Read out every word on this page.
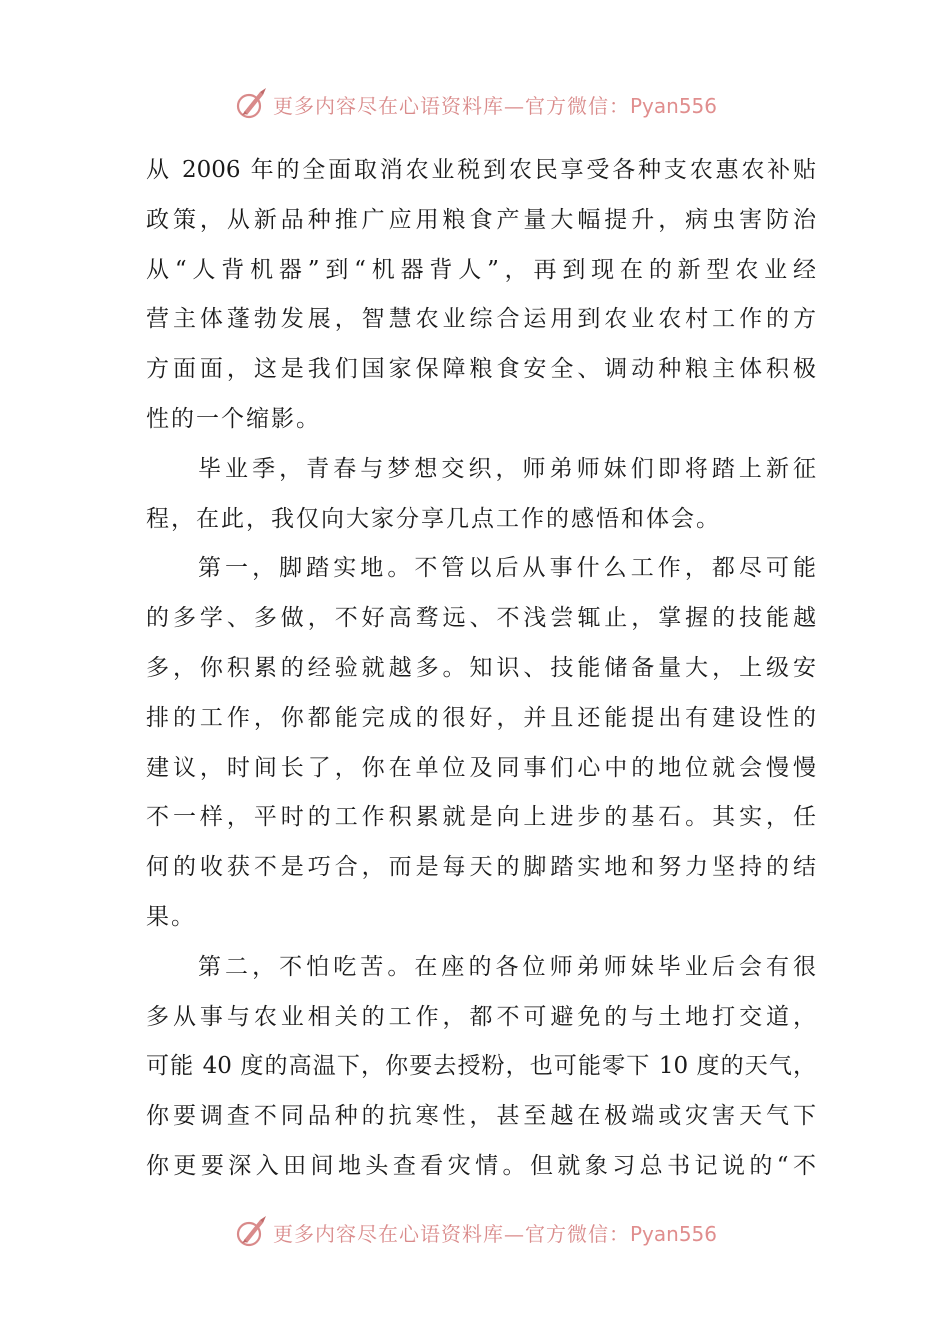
更多内容尽在心语资料库—官方微信：Pyan556
从 2006 年的全面取消农业税到农民享受各种支农惠农补贴
政策，从新品种推广应用粮食产量大幅提升，病虫害防治
从“人背机器”到“机器背人”，再到现在的新型农业经
营主体蓬勃发展，智慧农业综合运用到农业农村工作的方
方面面，这是我们国家保障粮食安全、调动种粮主体积极
性的一个缩影。
毕业季，青春与梦想交织，师弟师妹们即将踏上新征
程，在此，我仅向大家分享几点工作的感悟和体会。
第一，脚踏实地。不管以后从事什么工作，都尽可能
的多学、多做，不好高骛远、不浅尝辄止，掌握的技能越
多，你积累的经验就越多。知识、技能储备量大，上级安
排的工作，你都能完成的很好，并且还能提出有建设性的
建议，时间长了，你在单位及同事们心中的地位就会慢慢
不一样，平时的工作积累就是向上进步的基石。其实，任
何的收获不是巧合，而是每天的脚踏实地和努力坚持的结
果。
第二，不怕吃苦。在座的各位师弟师妹毕业后会有很
多从事与农业相关的工作，都不可避免的与土地打交道，
可能 40 度的高温下，你要去授粉，也可能零下 10 度的天气，
你要调查不同品种的抗寒性，甚至越在极端或灾害天气下
你更要深入田间地头查看灾情。但就象习总书记说的“不
更多内容尽在心语资料库—官方微信：Pyan556
